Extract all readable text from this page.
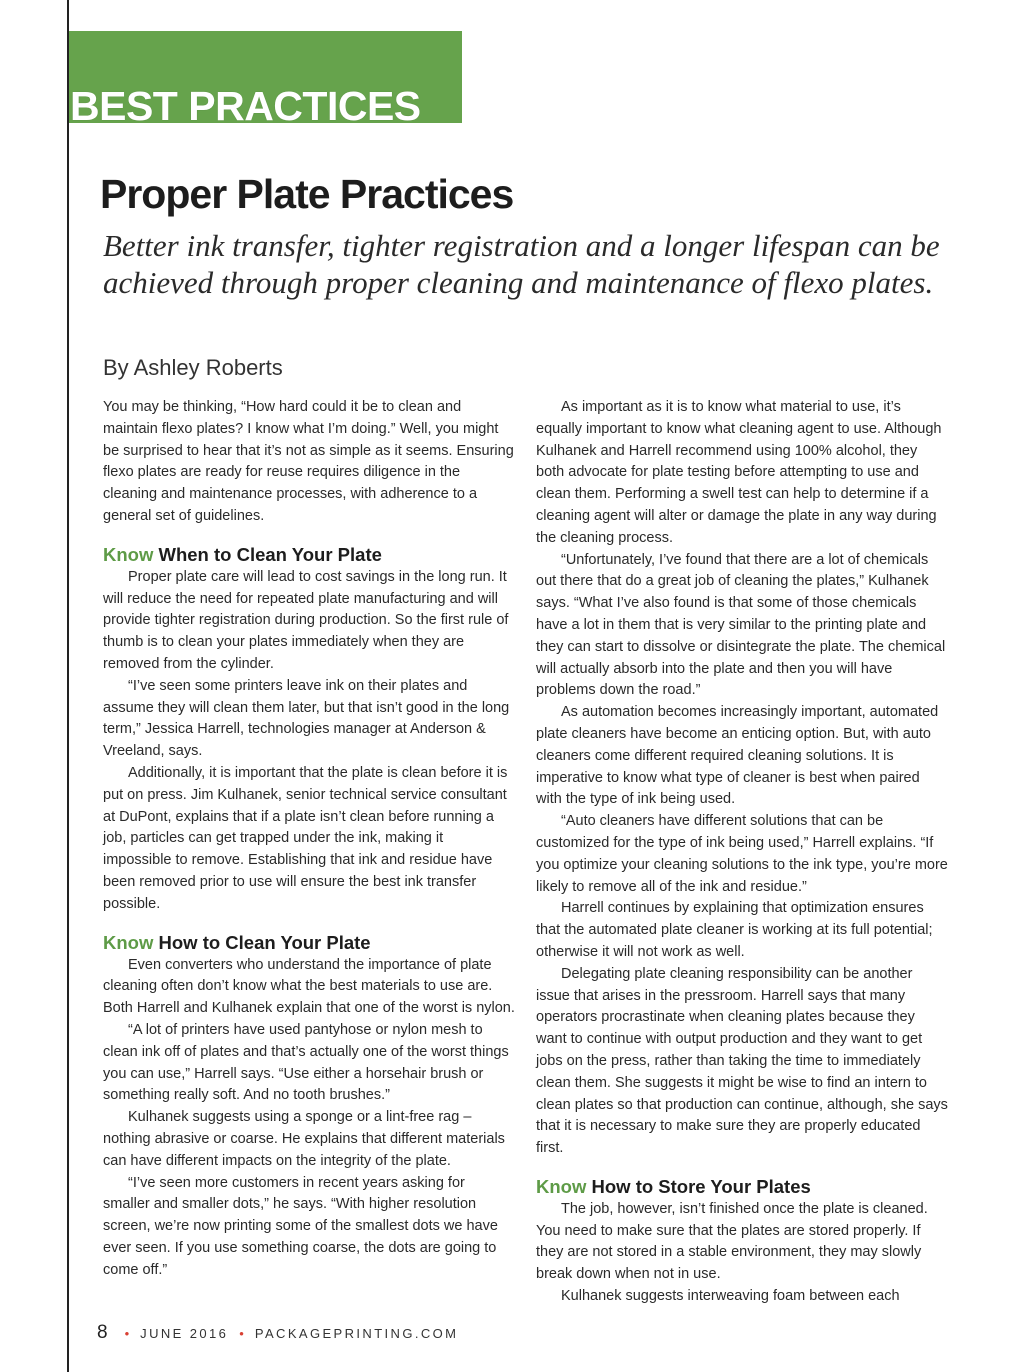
BEST PRACTICES
Proper Plate Practices

Better ink transfer, tighter registration and a longer lifespan can be achieved through proper cleaning and maintenance of flexo plates.

By Ashley Roberts

You may be thinking, “How hard could it be to clean and maintain flexo plates? I know what I’m doing.” Well, you might be surprised to hear that it’s not as simple as it seems. Ensuring flexo plates are ready for reuse requires diligence in the cleaning and maintenance processes, with adherence to a general set of guidelines.

Know When to Clean Your Plate

Proper plate care will lead to cost savings in the long run. It will reduce the need for repeated plate manufacturing and will provide tighter registration during production. So the first rule of thumb is to clean your plates immediately when they are removed from the cylinder.

“I’ve seen some printers leave ink on their plates and assume they will clean them later, but that isn’t good in the long term,” Jessica Harrell, technologies manager at Anderson & Vreeland, says.

Additionally, it is important that the plate is clean before it is put on press. Jim Kulhanek, senior technical service consultant at DuPont, explains that if a plate isn’t clean before running a job, particles can get trapped under the ink, making it impossible to remove. Establishing that ink and residue have been removed prior to use will ensure the best ink transfer possible.

Know How to Clean Your Plate

Even converters who understand the importance of plate cleaning often don’t know what the best materials to use are. Both Harrell and Kulhanek explain that one of the worst is nylon.

“A lot of printers have used pantyhose or nylon mesh to clean ink off of plates and that’s actually one of the worst things you can use,” Harrell says. “Use either a horsehair brush or something really soft. And no tooth brushes.”

Kulhanek suggests using a sponge or a lint-free rag – nothing abrasive or coarse. He explains that different materials can have different impacts on the integrity of the plate.

“I’ve seen more customers in recent years asking for smaller and smaller dots,” he says. “With higher resolution screen, we’re now printing some of the smallest dots we have ever seen. If you use something coarse, the dots are going to come off.”

As important as it is to know what material to use, it’s equally important to know what cleaning agent to use. Although Kulhanek and Harrell recommend using 100% alcohol, they both advocate for plate testing before attempting to use and clean them. Performing a swell test can help to determine if a cleaning agent will alter or damage the plate in any way during the cleaning process.

“Unfortunately, I’ve found that there are a lot of chemicals out there that do a great job of cleaning the plates,” Kulhanek says. “What I’ve also found is that some of those chemicals have a lot in them that is very similar to the printing plate and they can start to dissolve or disintegrate the plate. The chemical will actually absorb into the plate and then you will have problems down the road.”

As automation becomes increasingly important, automated plate cleaners have become an enticing option. But, with auto cleaners come different required cleaning solutions. It is imperative to know what type of cleaner is best when paired with the type of ink being used.

“Auto cleaners have different solutions that can be customized for the type of ink being used,” Harrell explains. “If you optimize your cleaning solutions to the ink type, you’re more likely to remove all of the ink and residue.”

Harrell continues by explaining that optimization ensures that the automated plate cleaner is working at its full potential; otherwise it will not work as well.

Delegating plate cleaning responsibility can be another issue that arises in the pressroom. Harrell says that many operators procrastinate when cleaning plates because they want to continue with output production and they want to get jobs on the press, rather than taking the time to immediately clean them. She suggests it might be wise to find an intern to clean plates so that production can continue, although, she says that it is necessary to make sure they are properly educated first.

Know How to Store Your Plates

The job, however, isn’t finished once the plate is cleaned. You need to make sure that the plates are stored properly. If they are not stored in a stable environment, they may slowly break down when not in use.

Kulhanek suggests interweaving foam between each

8 • JUNE 2016 • PACKAGEPRINTING.COM
